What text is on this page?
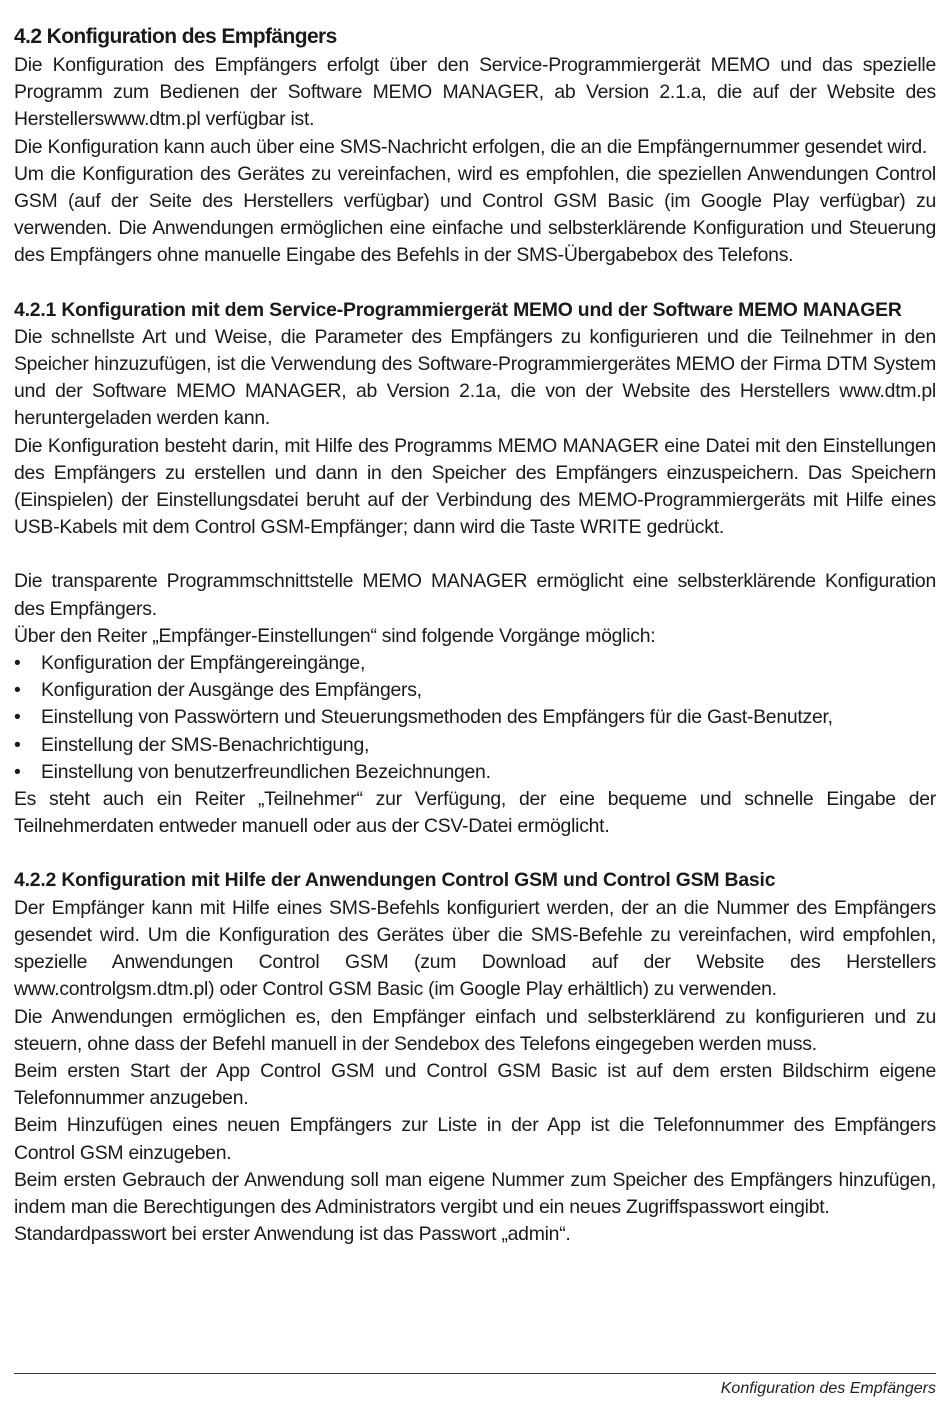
4.2 Konfiguration des Empfängers

Die Konfiguration des Empfängers erfolgt über den Service-Programmiergerät MEMO und das spezielle Programm zum Bedienen der Software MEMO MANAGER, ab Version 2.1.a, die auf der Website des Herstellerswww.dtm.pl verfügbar ist.

Die Konfiguration kann auch über eine SMS-Nachricht erfolgen, die an die Empfängernummer gesendet wird.

Um die Konfiguration des Gerätes zu vereinfachen, wird es empfohlen, die speziellen Anwendungen Control GSM (auf der Seite des Herstellers verfügbar) und Control GSM Basic (im Google Play verfügbar) zu verwenden. Die Anwendungen ermöglichen eine einfache und selbsterklärende Konfiguration und Steuerung des Empfängers ohne manuelle Eingabe des Befehls in der SMS-Übergabebox des Telefons.

4.2.1 Konfiguration mit dem Service-Programmiergerät MEMO und der Software MEMO MANAGER

Die schnellste Art und Weise, die Parameter des Empfängers zu konfigurieren und die Teilnehmer in den Speicher hinzuzufügen, ist die Verwendung des Software-Programmiergerätes MEMO der Firma DTM System und der Software MEMO MANAGER, ab Version 2.1a, die von der Website des Herstellers www.dtm.pl heruntergeladen werden kann.

Die Konfiguration besteht darin, mit Hilfe des Programms MEMO MANAGER eine Datei mit den Einstellungen des Empfängers zu erstellen und dann in den Speicher des Empfängers einzuspeichern. Das Speichern (Einspielen) der Einstellungsdatei beruht auf der Verbindung des MEMO-Programmiergeräts mit Hilfe eines USB-Kabels mit dem Control GSM-Empfänger; dann wird die Taste WRITE gedrückt.

Die transparente Programmschnittstelle MEMO MANAGER ermöglicht eine selbsterklärende Konfiguration des Empfängers.

Über den Reiter „Empfänger-Einstellungen“ sind folgende Vorgänge möglich:

• Konfiguration der Empfängereingänge,
• Konfiguration der Ausgänge des Empfängers,
• Einstellung von Passwörtern und Steuerungsmethoden des Empfängers für die Gast-Benutzer,
• Einstellung der SMS-Benachrichtigung,
• Einstellung von benutzerfreundlichen Bezeichnungen.

Es steht auch ein Reiter „Teilnehmer“ zur Verfügung, der eine bequeme und schnelle Eingabe der Teilnehmerdaten entweder manuell oder aus der CSV-Datei ermöglicht.

4.2.2 Konfiguration mit Hilfe der Anwendungen Control GSM und Control GSM Basic

Der Empfänger kann mit Hilfe eines SMS-Befehls konfiguriert werden, der an die Nummer des Empfängers gesendet wird. Um die Konfiguration des Gerätes über die SMS-Befehle zu vereinfachen, wird empfohlen, spezielle Anwendungen Control GSM (zum Download auf der Website des Herstellers www.controlgsm.dtm.pl) oder Control GSM Basic (im Google Play erhältlich) zu verwenden.

Die Anwendungen ermöglichen es, den Empfänger einfach und selbsterklärend zu konfigurieren und zu steuern, ohne dass der Befehl manuell in der Sendebox des Telefons eingegeben werden muss.

Beim ersten Start der App Control GSM und Control GSM Basic ist auf dem ersten Bildschirm eigene Telefonnummer anzugeben.

Beim Hinzufügen eines neuen Empfängers zur Liste in der App ist die Telefonnummer des Empfängers Control GSM einzugeben.

Beim ersten Gebrauch der Anwendung soll man eigene Nummer zum Speicher des Empfängers hinzufügen, indem man die Berechtigungen des Administrators vergibt und ein neues Zugriffspasswort eingibt.

Standardpasswort bei erster Anwendung ist das Passwort „admin“.

Konfiguration des Empfängers
